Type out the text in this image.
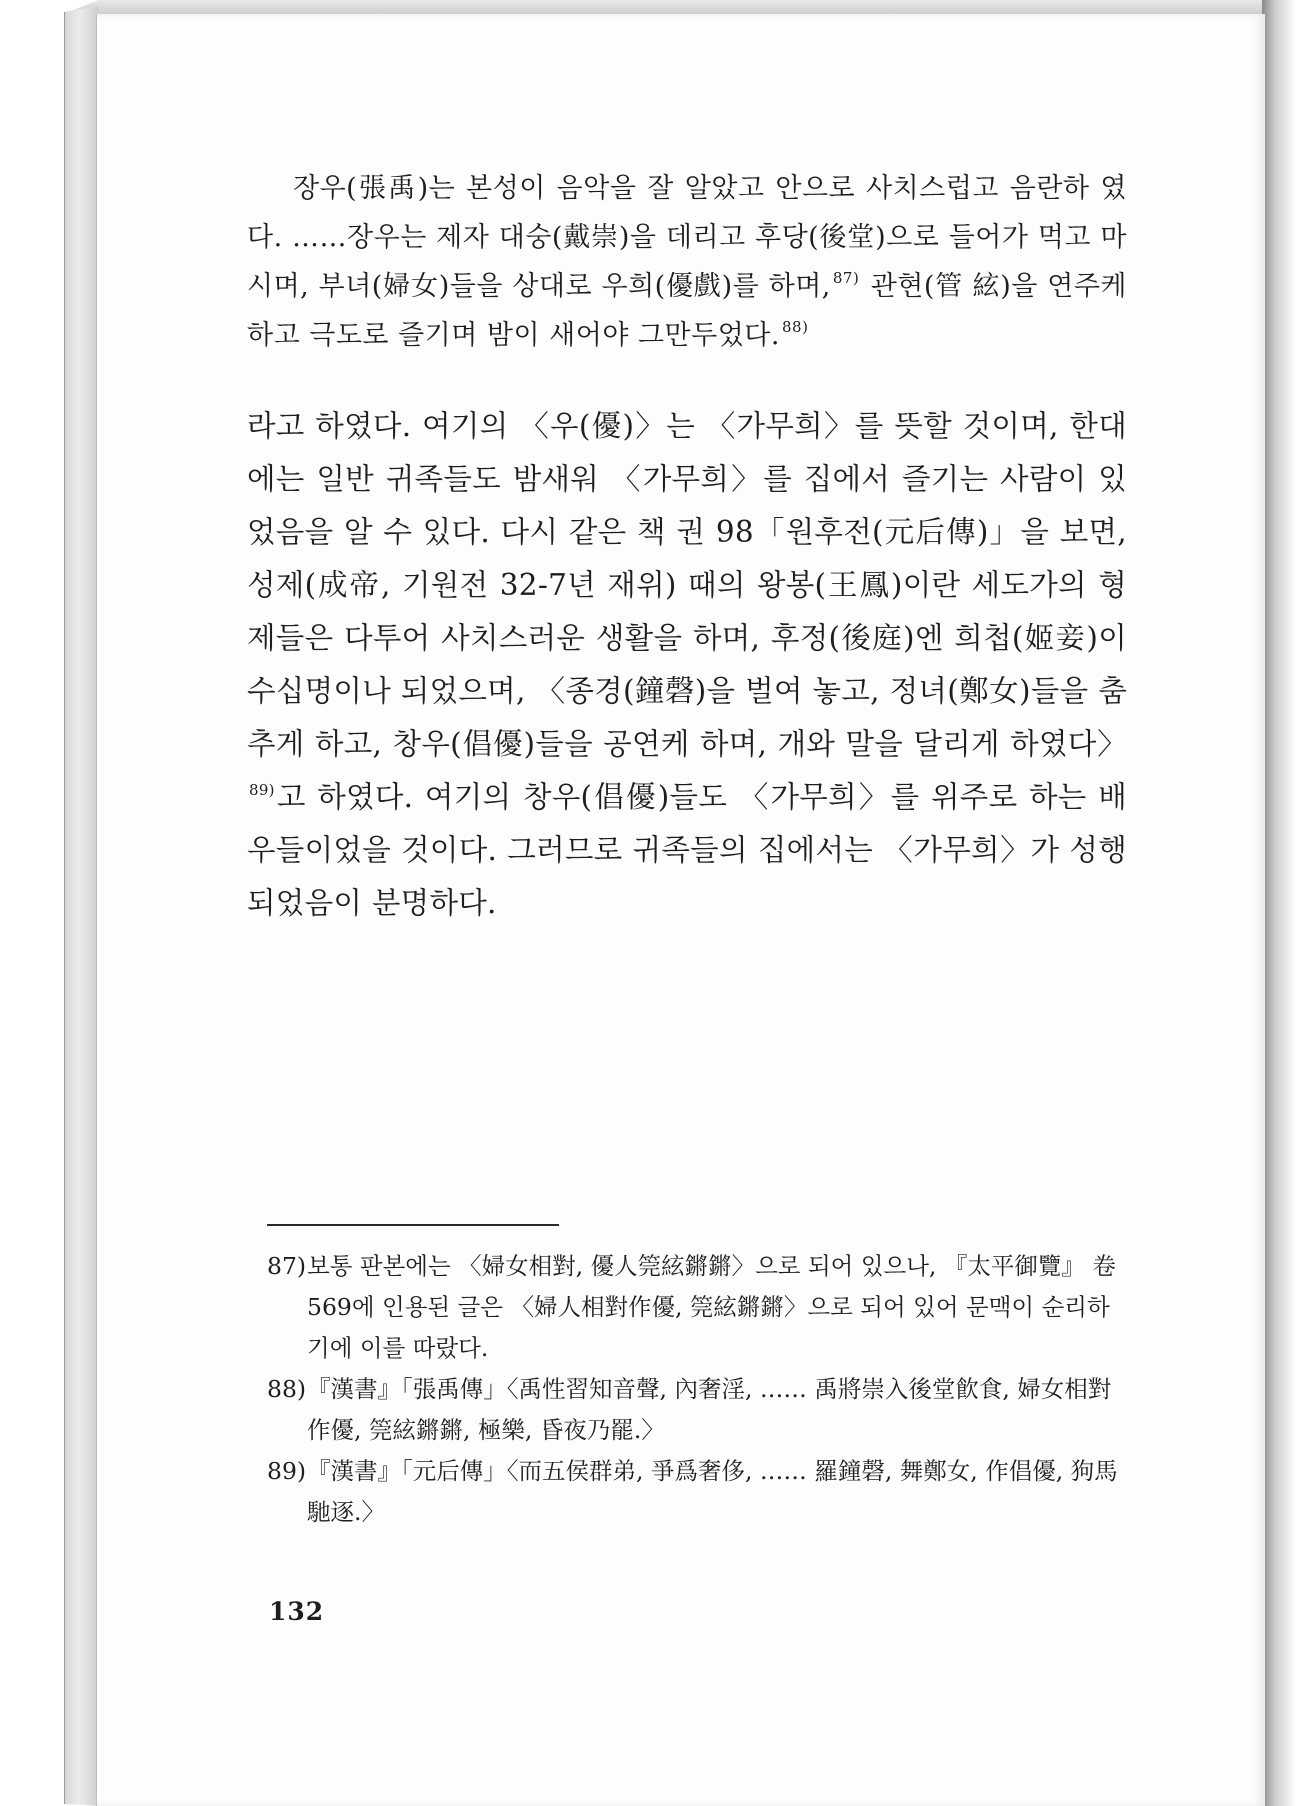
장우(張禹)는 본성이 음악을 잘 알았고 안으로 사치스럽고 음란하 였다. ……장우는 제자 대숭(戴崇)을 데리고 후당(後堂)으로 들어가 먹고 마시며, 부녀(婦女)들을 상대로 우희(優戲)를 하며, $^{87)}$ 관현(管 絃)을 연주케 하고 극도로 즐기며 밤이 새어야 그만두었다. $^{88)}$

라고 하였다. 여기의 〈우(優)〉는 〈가무희〉를 뜻할 것이며, 한대에는 일반 귀족들도 밤새워 〈가무희〉를 집에서 즐기는 사람이 있었음을 알 수 있다. 다시 같은 책 권 98「원후전(元后傳)」을 보면, 성제(成帝, 기원전 32-7년 재위) 때의 왕봉(王鳳)이란 세도가의 형제들은 다투어 사치스러운 생활을 하며, 후정(後庭)엔 희첩(姬妾)이 수십명이나 되었으며, 〈종경(鐘磬)을 벌여 놓고, 정녀(鄭女)들을 춤추게 하고, 창우(倡優)들을 공연케 하며, 개와 말을 달리게 하였다〉$^{89)}$고 하였다. 여기의 창우(倡優)들도 〈가무희〉를 위주로 하는 배우들이었을 것이다. 그러므로 귀족들의 집에서는 〈가무희〉가 성행되었음이 분명하다.

87) 보통 판본에는 〈婦女相對, 優人筦絃鏘鏘〉으로 되어 있으나, 『太平御覽』 卷 569에 인용된 글은 〈婦人相對作優, 筦絃鏘鏘〉으로 되어 있어 문맥이 순리하기에 이를 따랐다.
88) 『漢書』「張禹傳」〈禹性習知音聲, 內奢淫, …… 禹將崇入後堂飮食, 婦女相對作優, 筦絃鏘鏘, 極樂, 昏夜乃罷.〉
89) 『漢書』「元后傳」〈而五侯群弟, 爭爲奢侈, …… 羅鐘磬, 舞鄭女, 作倡優, 狗馬馳逐.〉
132
